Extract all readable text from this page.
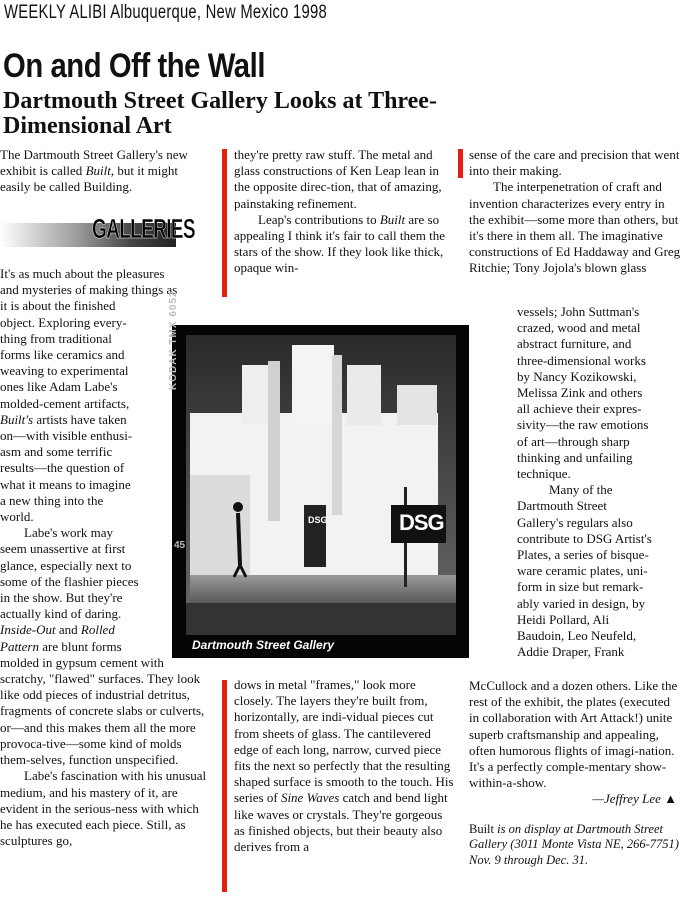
WEEKLY ALIBI Albuquerque, New Mexico 1998
On and Off the Wall
Dartmouth Street Gallery Looks at Three-Dimensional Art

The Dartmouth Street Gallery's new exhibit is called Built, but it might easily be called Building.

GALLERIES
It's as much about the pleasures
and mysteries of making things as
it is about the finished
object. Exploring every-
thing from traditional
forms like ceramics and
weaving to experimental
ones like Adam Labe's
molded-cement artifacts,
Built's artists have taken
on—with visible enthusi-
asm and some terrific
results—the question of
what it means to imagine
a new thing into the
world.
Labe's work may
seem unassertive at first
glance, especially next to
some of the flashier pieces
in the show. But they're
actually kind of daring.
Inside-Out and Rolled
Pattern are blunt forms

molded in gypsum cement with scratchy, "flawed" surfaces. They look like odd pieces of industrial detritus, fragments of concrete slabs or culverts, or—and this makes them all the more provoca-tive—some kind of molds them-selves, function unspecified.

Labe's fascination with his unusual medium, and his mastery of it, are evident in the serious-ness with which he has executed each piece. Still, as sculptures go,

they're pretty raw stuff. The metal and glass constructions of Ken Leap lean in the opposite direc-tion, that of amazing, painstaking refinement.

Leap's contributions to Built are so appealing I think it's fair to call them the stars of the show. If they look like thick, opaque win-

dows in metal "frames," look more closely. The layers they're built from, horizontally, are indi-vidual pieces cut from sheets of glass. The cantilevered edge of each long, narrow, curved piece fits the next so perfectly that the resulting shaped surface is smooth to the touch. His series of Sine Waves catch and bend light like waves or crystals. They're gorgeous as finished objects, but their beauty also derives from a

sense of the care and precision that went into their making.

The interpenetration of craft and invention characterizes every entry in the exhibit—some more than others, but it's there in them all. The imaginative constructions of Ed Haddaway and Greg Ritchie; Tony Jojola's blown glass

vessels; John Suttman's
crazed, wood and metal
abstract furniture, and
three-dimensional works
by Nancy Kozikowski,
Melissa Zink and others
all achieve their expres-
sivity—the raw emotions
of art—through sharp
thinking and unfailing
technique.
Many of the
Dartmouth Street
Gallery's regulars also
contribute to DSG Artist's
Plates, a series of bisque-
ware ceramic plates, uni-
form in size but remark-
ably varied in design, by
Heidi Pollard, Ali
Baudoin, Leo Neufeld,
Addie Draper, Frank

McCullock and a dozen others. Like the rest of the exhibit, the plates (executed in collaboration with Art Attack!) unite superb craftsmanship and appealing, often humorous flights of imagi-nation. It's a perfectly comple-mentary show-within-a-show.

—Jeffrey Lee ▲

Built is on display at Dartmouth Street Gallery (3011 Monte Vista NE, 266-7751) Nov. 9 through Dec. 31.

DSG
DSG
KODAK TMX 6052
45
Dartmouth Street Gallery
